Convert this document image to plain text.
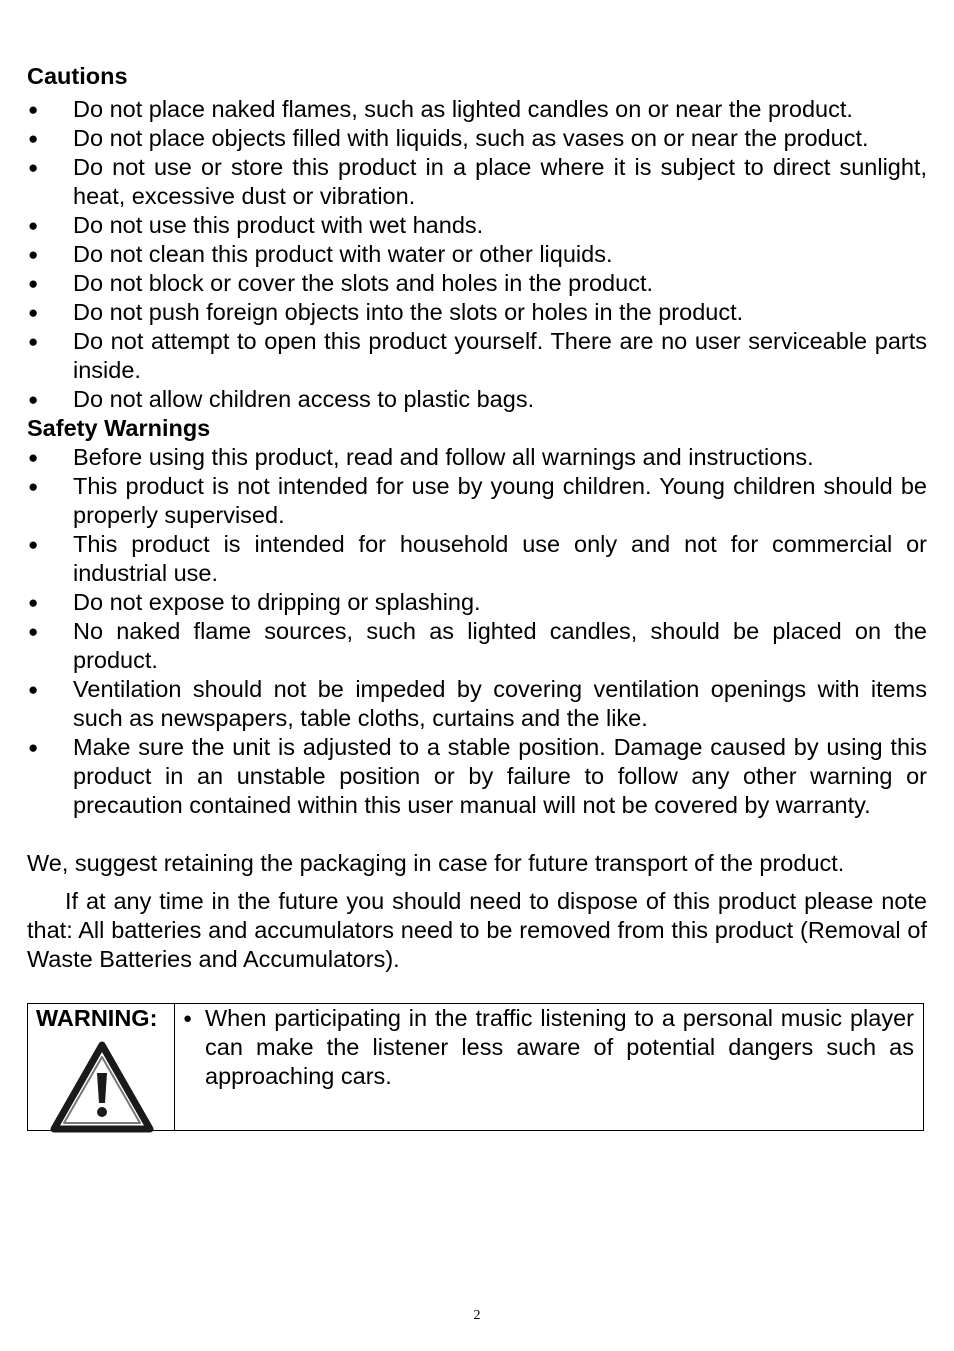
Cautions

● Do not place naked flames, such as lighted candles on or near the product.
● Do not place objects filled with liquids, such as vases on or near the product.
● Do not use or store this product in a place where it is subject to direct sunlight, heat, excessive dust or vibration.
● Do not use this product with wet hands.
● Do not clean this product with water or other liquids.
● Do not block or cover the slots and holes in the product.
● Do not push foreign objects into the slots or holes in the product.
● Do not attempt to open this product yourself. There are no user serviceable parts inside.
● Do not allow children access to plastic bags.

Safety Warnings

● Before using this product, read and follow all warnings and instructions.
● This product is not intended for use by young children. Young children should be properly supervised.
● This product is intended for household use only and not for commercial or industrial use.
● Do not expose to dripping or splashing.
● No naked flame sources, such as lighted candles, should be placed on the product.
● Ventilation should not be impeded by covering ventilation openings with items such as newspapers, table cloths, curtains and the like.
● Make sure the unit is adjusted to a stable position. Damage caused by using this product in an unstable position or by failure to follow any other warning or precaution contained within this user manual will not be covered by warranty.

We, suggest retaining the packaging in case for future transport of the product.

If at any time in the future you should need to dispose of this product please note that: All batteries and accumulators need to be removed from this product (Removal of Waste Batteries and Accumulators).

WARNING:
●	When participating in the traffic listening to a personal music player can make the listener less aware of potential dangers such as approaching cars.
2
